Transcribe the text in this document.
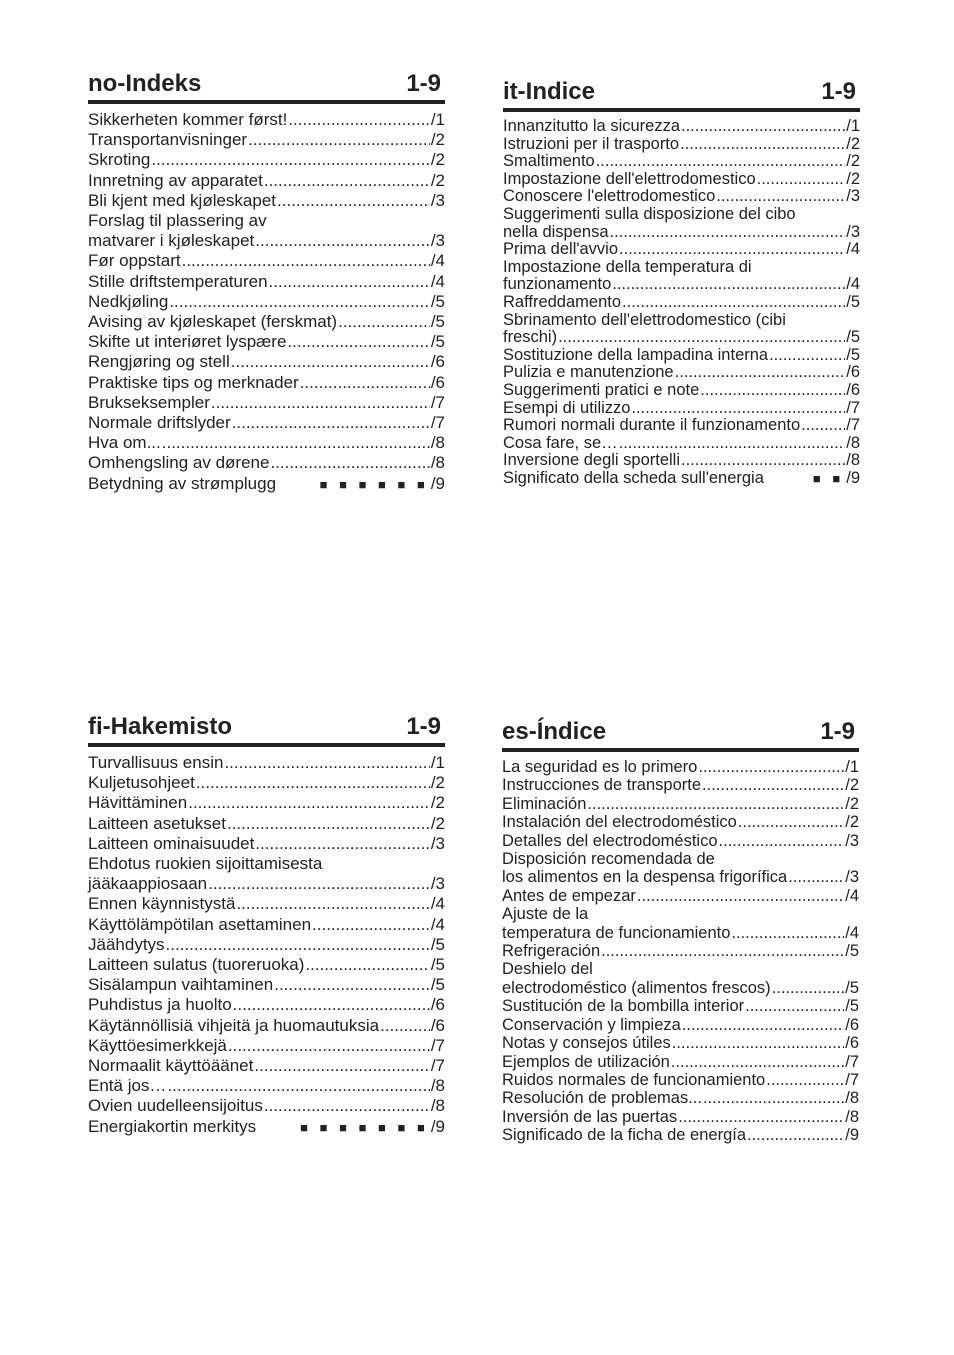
no-Indeks	1-9
Sikkerheten kommer først! .....	/1
Transportanvisninger .....	/2
Skroting .....	/2
Innretning av apparatet .....	/2
Bli kjent med kjøleskapet .....	/3
Forslag til plassering av
matvarer i kjøleskapet .....	/3
Før oppstart .....	/4
Stille driftstemperaturen .....	/4
Nedkjøling .....	/5
Avising av kjøleskapet (ferskmat) .....	/5
Skifte ut interiøret lyspære .....	/5
Rengjøring og stell .....	/6
Praktiske tips og merknader .....	/6
Brukseksempler .....	/7
Normale driftslyder .....	/7
Hva om... .....	/8
Omhengsling av dørene .....	/8
Betydning av strømplugg	■ ■ ■ ■ ■ ■ /9
it-Indice	1-9
Innanzitutto la sicurezza .....	/1
Istruzioni per il trasporto .....	/2
Smaltimento .....	/2
Impostazione dell'elettrodomestico .....	/2
Conoscere l'elettrodomestico .....	/3
Suggerimenti sulla disposizione del cibo
nella dispensa .....	/3
Prima dell'avvio .....	/4
Impostazione della temperatura di
funzionamento .....	/4
Raffreddamento .....	/5
Sbrinamento dell'elettrodomestico (cibi
freschi) .....	/5
Sostituzione della lampadina interna .....	/5
Pulizia e manutenzione .....	/6
Suggerimenti pratici e note .....	/6
Esempi di utilizzo .....	/7
Rumori normali durante il funzionamento .....	/7
Cosa fare, se… .....	/8
Inversione degli sportelli .....	/8
Significato della scheda sull'energia	■ ■ /9
fi-Hakemisto	1-9
Turvallisuus ensin .....	/1
Kuljetusohjeet .....	/2
Hävittäminen .....	/2
Laitteen asetukset .....	/2
Laitteen ominaisuudet .....	/3
Ehdotus ruokien sijoittamisesta
jääkaappiosaan .....	/3
Ennen käynnistystä .....	/4
Käyttölämpötilan asettaminen .....	/4
Jäähdytys .....	/5
Laitteen sulatus (tuoreruoka) .....	/5
Sisälampun vaihtaminen .....	/5
Puhdistus ja huolto .....	/6
Käytännöllisiä vihjeitä ja huomautuksia .....	/6
Käyttöesimerkkejä .....	/7
Normaalit käyttöäänet .....	/7
Entä jos… .....	/8
Ovien uudelleensijoitus .....	/8
Energiakortin merkitys	■ ■ ■ ■ ■ ■ ■ /9
es-Índice	1-9
La seguridad es lo primero .....	/1
Instrucciones de transporte .....	/2
Eliminación .....	/2
Instalación del electrodoméstico .....	/2
Detalles del electrodoméstico .....	/3
Disposición recomendada de
los alimentos en la despensa frigorífica .....	/3
Antes de empezar .....	/4
Ajuste de la
temperatura de funcionamiento .....	/4
Refrigeración .....	/5
Deshielo del
electrodoméstico (alimentos frescos) .....	/5
Sustitución de la bombilla interior .....	/5
Conservación y limpieza .....	/6
Notas y consejos útiles .....	/6
Ejemplos de utilización .....	/7
Ruidos normales de funcionamiento .....	/7
Resolución de problemas... .....	/8
Inversión de las puertas .....	/8
Significado de la ficha de energía .....	/9
